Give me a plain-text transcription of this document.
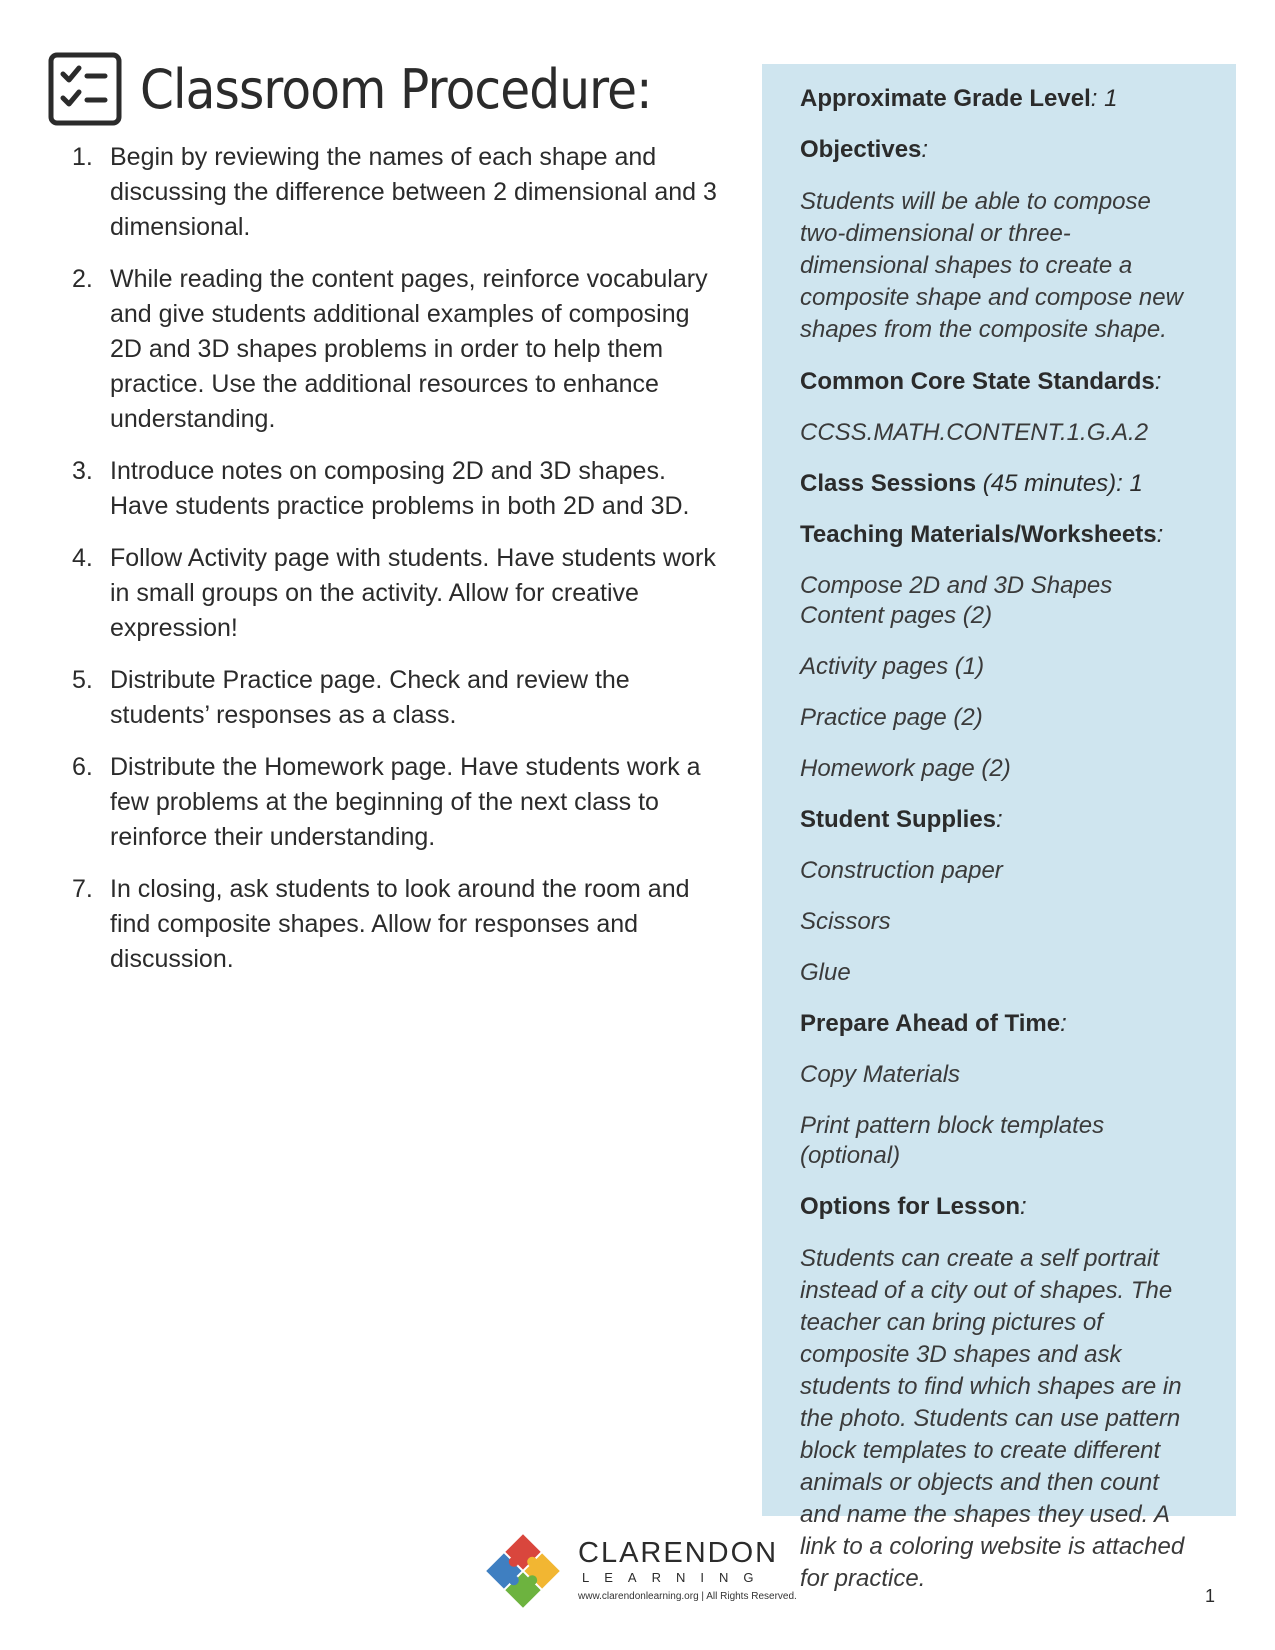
Classroom Procedure:
1. Begin by reviewing the names of each shape and discussing the difference between 2 dimensional and 3 dimensional.
2. While reading the content pages, reinforce vocabulary and give students additional examples of composing 2D and 3D shapes problems in order to help them practice. Use the additional resources to enhance understanding.
3. Introduce notes on composing 2D and 3D shapes. Have students practice problems in both 2D and 3D.
4. Follow Activity page with students. Have students work in small groups on the activity. Allow for creative expression!
5. Distribute Practice page. Check and review the students’ responses as a class.
6. Distribute the Homework page. Have students work a few problems at the beginning of the next class to reinforce their understanding.
7. In closing, ask students to look around the room and find composite shapes. Allow for responses and discussion.
Approximate Grade Level: 1
Objectives:
Students will be able to compose two-dimensional or three-dimensional shapes to create a composite shape and compose new shapes from the composite shape.
Common Core State Standards:
CCSS.MATH.CONTENT.1.G.A.2
Class Sessions (45 minutes): 1
Teaching Materials/Worksheets:
Compose 2D and 3D Shapes Content pages (2)
Activity pages (1)
Practice page (2)
Homework page (2)
Student Supplies:
Construction paper
Scissors
Glue
Prepare Ahead of Time:
Copy Materials
Print pattern block templates (optional)
Options for Lesson:
Students can create a self portrait instead of a city out of shapes. The teacher can bring pictures of composite 3D shapes and ask students to find which shapes are in the photo. Students can use pattern block templates to create different animals or objects and then count and name the shapes they used. A link to a coloring website is attached for practice.
CLARENDON
LEARNING
www.clarendonlearning.org | All Rights Reserved.	1
